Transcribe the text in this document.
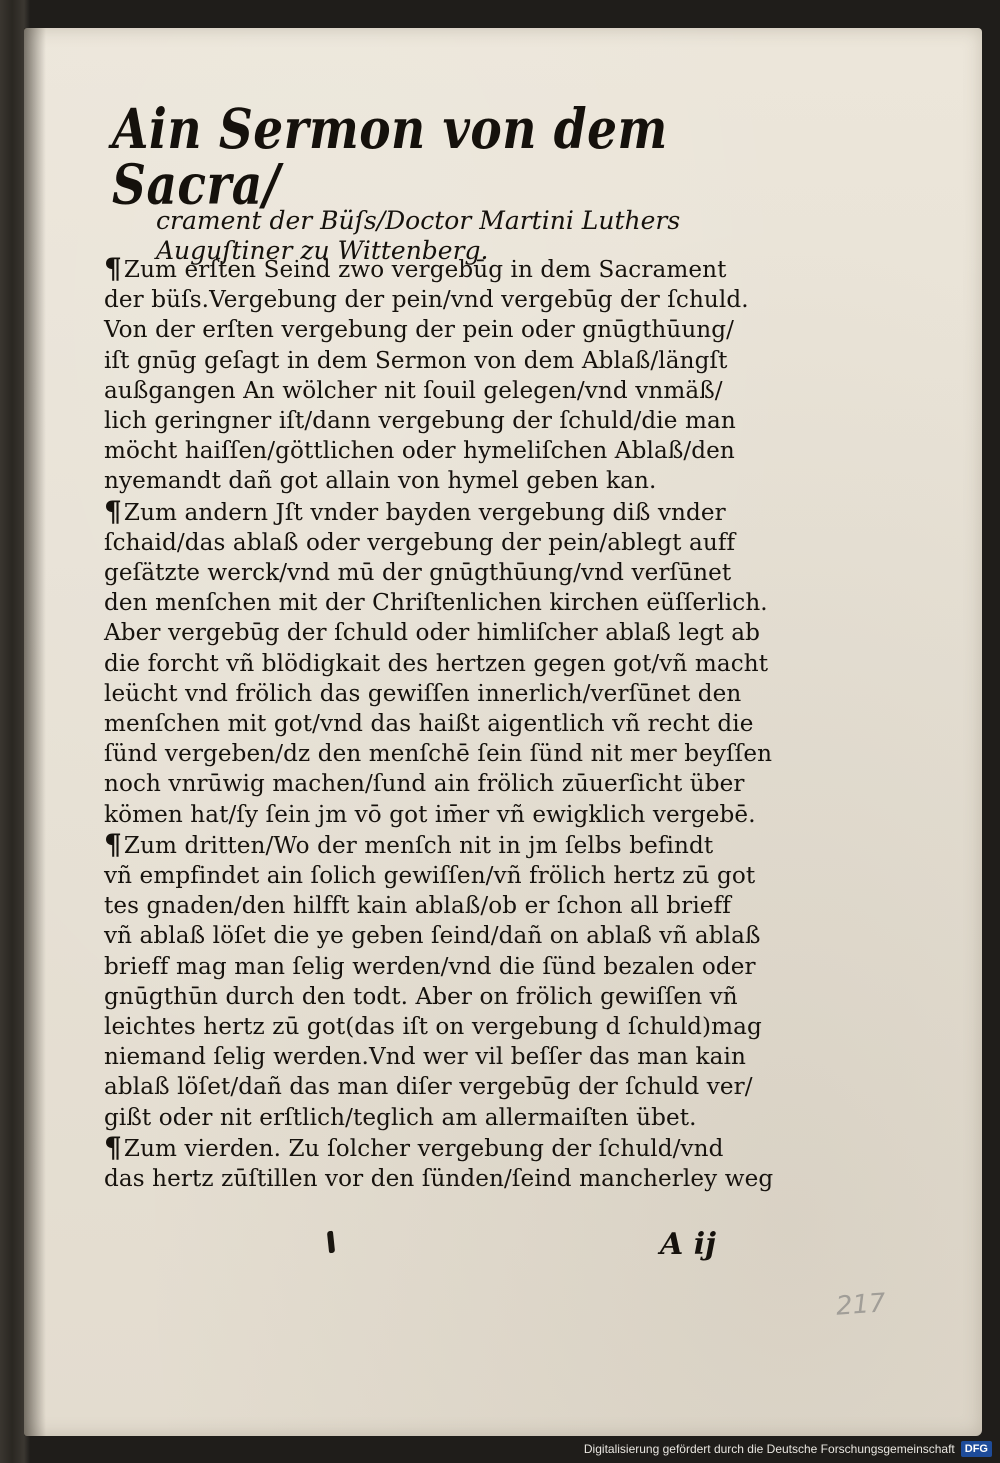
Ain Sermon von dem Sacra/
crament der Büſs/Doctor Martini Luthers
Auguſtiner zu Wittenberg.
¶Zum erſten Seind zwo vergebūg in dem Sacrament
der büſs.Vergebung der pein/vnd vergebūg der ſchuld.
Von der erſten vergebung der pein oder gnūgthūung/
iſt gnūg geſagt in dem Sermon von dem Ablaß/längſt
außgangen An wölcher nit ſouil gelegen/vnd vnmäß/
lich geringner iſt/dann vergebung der ſchuld/die man
möcht haiſſen/göttlichen oder hymeliſchen Ablaß/den
nyemandt dañ got allain von hymel geben kan.
¶Zum andern Jſt vnder bayden vergebung diß vnder
ſchaid/das ablaß oder vergebung der pein/ablegt auff
geſätzte werck/vnd mū der gnūgthūung/vnd verſūnet
den menſchen mit der Chriſtenlichen kirchen eüſſerlich.
Aber vergebūg der ſchuld oder himliſcher ablaß legt ab
die forcht vñ blödigkait des hertzen gegen got/vñ macht
leücht vnd frölich das gewiſſen innerlich/verſūnet den
menſchen mit got/vnd das haißt aigentlich vñ recht die
ſünd vergeben/dz den menſchē ſein ſünd nit mer beyſſen
noch vnrūwig machen/ſund ain frölich zūuerſicht über
kömen hat/ſy ſein jm vō got im̄er vñ ewigklich vergebē.
¶Zum dritten/Wo der menſch nit in jm ſelbs befindt
vñ empfindet ain ſolich gewiſſen/vñ frölich hertz zū got
tes gnaden/den hilfft kain ablaß/ob er ſchon all brieff
vñ ablaß löſet die ye geben ſeind/dañ on ablaß vñ ablaß
brieff mag man ſelig werden/vnd die ſünd bezalen oder
gnūgthūn durch den todt. Aber on frölich gewiſſen vñ
leichtes hertz zū got(das iſt on vergebung d ſchuld)mag
niemand ſelig werden.Vnd wer vil beſſer das man kain
ablaß löſet/dañ das man diſer vergebūg der ſchuld ver/
gißt oder nit erſtlich/teglich am allermaiſten übet.
¶Zum vierden. Zu ſolcher vergebung der ſchuld/vnd
das hertz zūſtillen vor den ſünden/ſeind mancherley weg
A ij
217
Digitalisierung gefördert durch die Deutsche Forschungsgemeinschaft DFG
